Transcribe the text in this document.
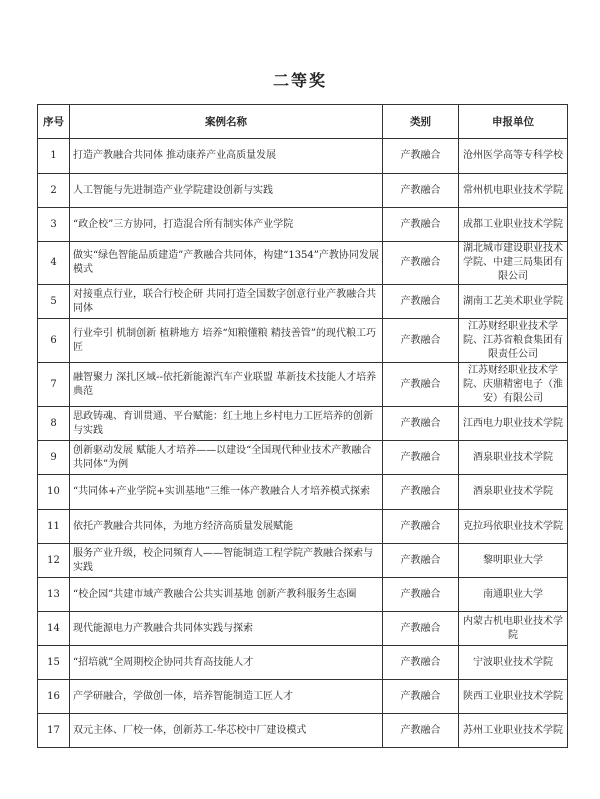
二等奖
序号	案例名称	类别	申报单位
1	打造产教融合共同体 推动康养产业高质量发展	产教融合	沧州医学高等专科学校
2	人工智能与先进制造产业学院建设创新与实践	产教融合	常州机电职业技术学院
3	“政企校”三方协同，打造混合所有制实体产业学院	产教融合	成都工业职业技术学院
4	做实“绿色智能品质建造”产教融合共同体，构建“1354”产教协同发展模式	产教融合	湖北城市建设职业技术学院、中建三局集团有限公司
5	对接重点行业，联合行校企研 共同打造全国数字创意行业产教融合共同体	产教融合	湖南工艺美术职业学院
6	行业牵引 机制创新 植耕地方 培养“知粮懂粮 精技善管”的现代粮工巧匠	产教融合	江苏财经职业技术学院、江苏省粮食集团有限责任公司
7	融智聚力 深扎区域--依托新能源汽车产业联盟 革新技术技能人才培养典范	产教融合	江苏财经职业技术学院、庆鼎精密电子（淮安）有限公司
8	思政铸魂、育训贯通、平台赋能：红土地上乡村电力工匠培养的创新与实践	产教融合	江西电力职业技术学院
9	创新驱动发展 赋能人才培养——以建设“全国现代种业技术产教融合共同体”为例	产教融合	酒泉职业技术学院
10	“共同体+产业学院+实训基地”三维一体产教融合人才培养模式探索	产教融合	酒泉职业技术学院
11	依托产教融合共同体，为地方经济高质量发展赋能	产教融合	克拉玛依职业技术学院
12	服务产业升级，校企同频育人——智能制造工程学院产教融合探索与实践	产教融合	黎明职业大学
13	“校企园”共建市域产教融合公共实训基地 创新产教科服务生态圈	产教融合	南通职业大学
14	现代能源电力产教融合共同体实践与探索	产教融合	内蒙古机电职业技术学院
15	“招培就”全周期校企协同共育高技能人才	产教融合	宁波职业技术学院
16	产学研融合，学做创一体，培养智能制造工匠人才	产教融合	陕西工业职业技术学院
17	双元主体、厂校一体，创新苏工-华芯校中厂建设模式	产教融合	苏州工业职业技术学院
